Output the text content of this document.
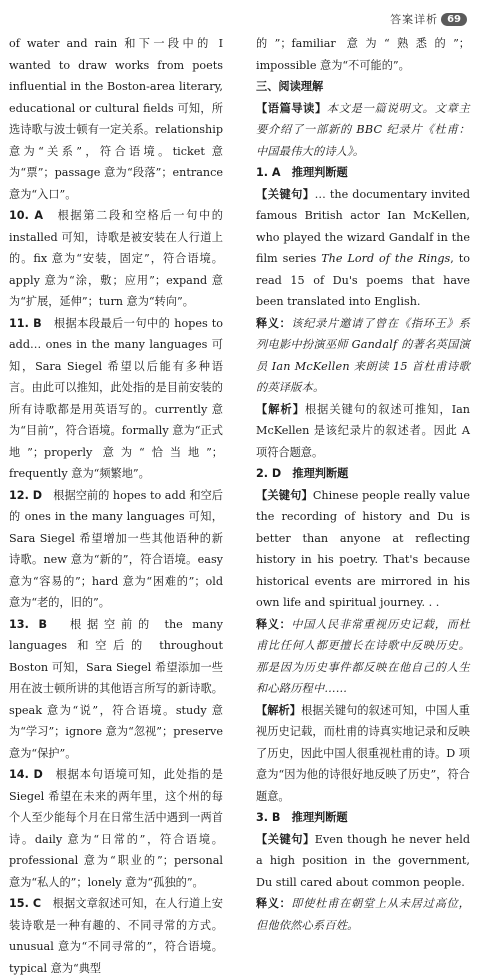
答案详析 69

of water and rain 和下一段中的 I wanted to draw works from poets influential in the Boston-area literary, educational or cultural fields 可知，所选诗歌与波士顿有一定关系。relationship 意为“关系”，符合语境。ticket 意为“票”；passage 意为“段落”；entrance 意为“入口”。

10. A　 根据第二段和空格后一句中的 installed 可知，诗歌是被安装在人行道上的。fix 意为“安装，固定”，符合语境。apply 意为“涂，敷；应用”；expand 意为“扩展，延伸”；turn 意为“转向”。

11. B　 根据本段最后一句中的 hopes to add… ones in the many languages 可知，Sara Siegel 希望以后能有多种语言。由此可以推知，此处指的是目前安装的所有诗歌都是用英语写的。currently 意为“目前”，符合语境。formally 意为“正式地”；properly 意为“恰当地”；frequently 意为“频繁地”。

12. D　 根据空前的 hopes to add 和空后的 ones in the many languages 可知，Sara Siegel 希望增加一些其他语种的新诗歌。new 意为“新的”，符合语境。easy 意为“容易的”；hard 意为“困难的”；old 意为“老的，旧的”。

13. B　 根据空前的 the many languages 和空后的 throughout Boston 可知，Sara Siegel 希望添加一些用在波士顿所讲的其他语言所写的新诗歌。speak 意为“说”，符合语境。study 意为“学习”；ignore 意为“忽视”；preserve 意为“保护”。

14. D　 根据本句语境可知，此处指的是 Siegel 希望在未来的两年里，这个州的每个人至少能每个月在日常生活中遇到一两首诗。daily 意为“日常的”，符合语境。professional 意为“职业的”；personal 意为“私人的”；lonely 意为“孤独的”。

15. C　 根据文章叙述可知，在人行道上安装诗歌是一种有趣的、不同寻常的方式。unusual 意为“不同寻常的”，符合语境。typical 意为“典型

的”；familiar 意为“熟悉的”；impossible 意为“不可能的”。

三、阅读理解

【语篇导读】本文是一篇说明文。文章主要介绍了一部新的 BBC 纪录片《杜甫：中国最伟大的诗人》。

1. A　推理判断题

【关键句】… the documentary invited famous British actor Ian McKellen, who played the wizard Gandalf in the film series The Lord of the Rings, to read 15 of Du's poems that have been translated into English.

释义：该纪录片邀请了曾在《指环王》系列电影中扮演巫师 Gandalf 的著名英国演员 Ian McKellen 来朗读 15 首杜甫诗歌的英译版本。

【解析】根据关键句的叙述可推知，Ian McKellen 是该纪录片的叙述者。因此 A 项符合题意。

2. D　推理判断题

【关键句】Chinese people really value the recording of history and Du is better than anyone at reflecting history in his poetry. That's because historical events are mirrored in his own life and spiritual journey. . .

释义：中国人民非常重视历史记载，而杜甫比任何人都更擅长在诗歌中反映历史。那是因为历史事件都反映在他自己的人生和心路历程中……

【解析】根据关键句的叙述可知，中国人重视历史记载，而杜甫的诗真实地记录和反映了历史，因此中国人很重视杜甫的诗。D 项意为“因为他的诗很好地反映了历史”，符合题意。

3. B　推理判断题

【关键句】Even though he never held a high position in the government, Du still cared about common people.

释义：即使杜甫在朝堂上从未居过高位，但他依然心系百姓。
